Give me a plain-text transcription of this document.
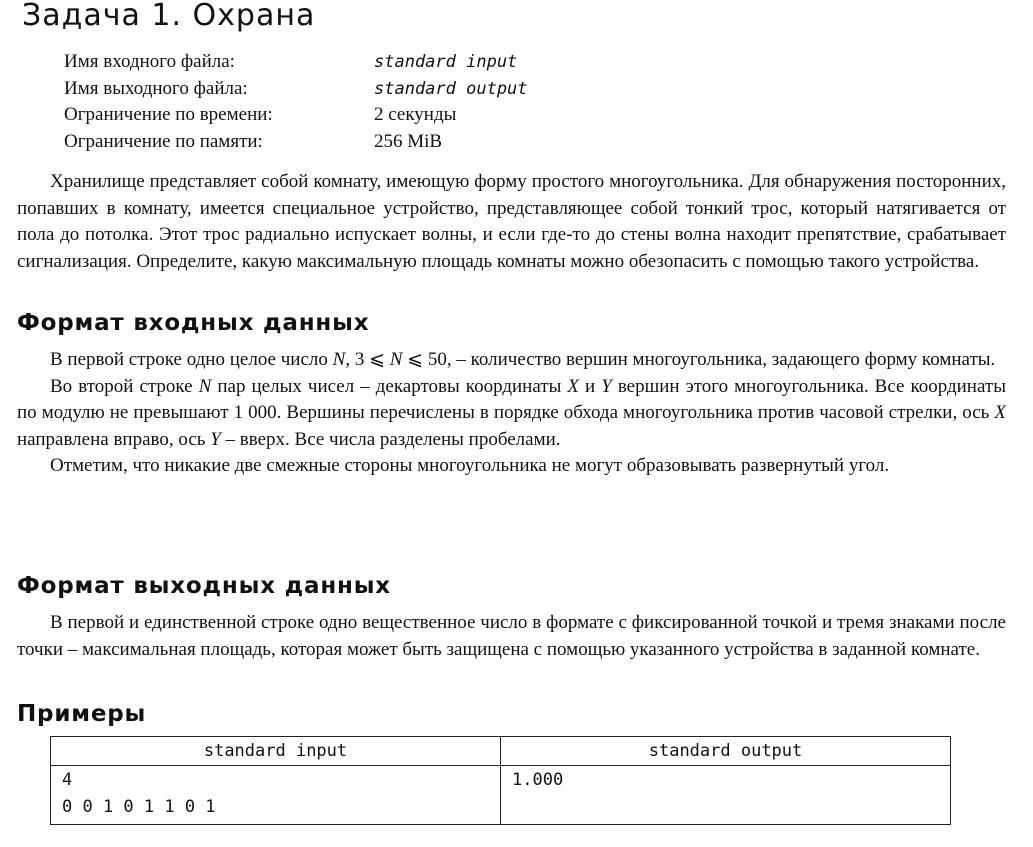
Задача 1. Охрана
Имя входного файла:	standard input
Имя выходного файла:	standard output
Ограничение по времени:	2 секунды
Ограничение по памяти:	256 MiB

Хранилище представляет собой комнату, имеющую форму простого многоугольника. Для обнаружения посторонних, попавших в комнату, имеется специальное устройство, представляющее собой тонкий трос, который натягивается от пола до потолка. Этот трос радиально испускает волны, и если где-то до стены волна находит препятствие, срабатывает сигнализация. Определите, какую максимальную площадь комнаты можно обезопасить с помощью такого устройства.

Формат входных данных

В первой строке одно целое число N, 3 ⩽ N ⩽ 50, – количество вершин многоугольника, задающего форму комнаты.

Во второй строке N пар целых чисел – декартовы координаты X и Y вершин этого многоугольника. Все координаты по модулю не превышают 1 000. Вершины перечислены в порядке обхода многоугольника против часовой стрелки, ось X направлена вправо, ось Y – вверх. Все числа разделены пробелами.

Отметим, что никакие две смежные стороны многоугольника не могут образовывать развернутый угол.

Формат выходных данных

В первой и единственной строке одно вещественное число в формате с фиксированной точкой и тремя знаками после точки – максимальная площадь, которая может быть защищена с помощью указанного устройства в заданной комнате.

Примеры
standard input	standard output

4
0 0 1 0 1 1 0 1	1.000
